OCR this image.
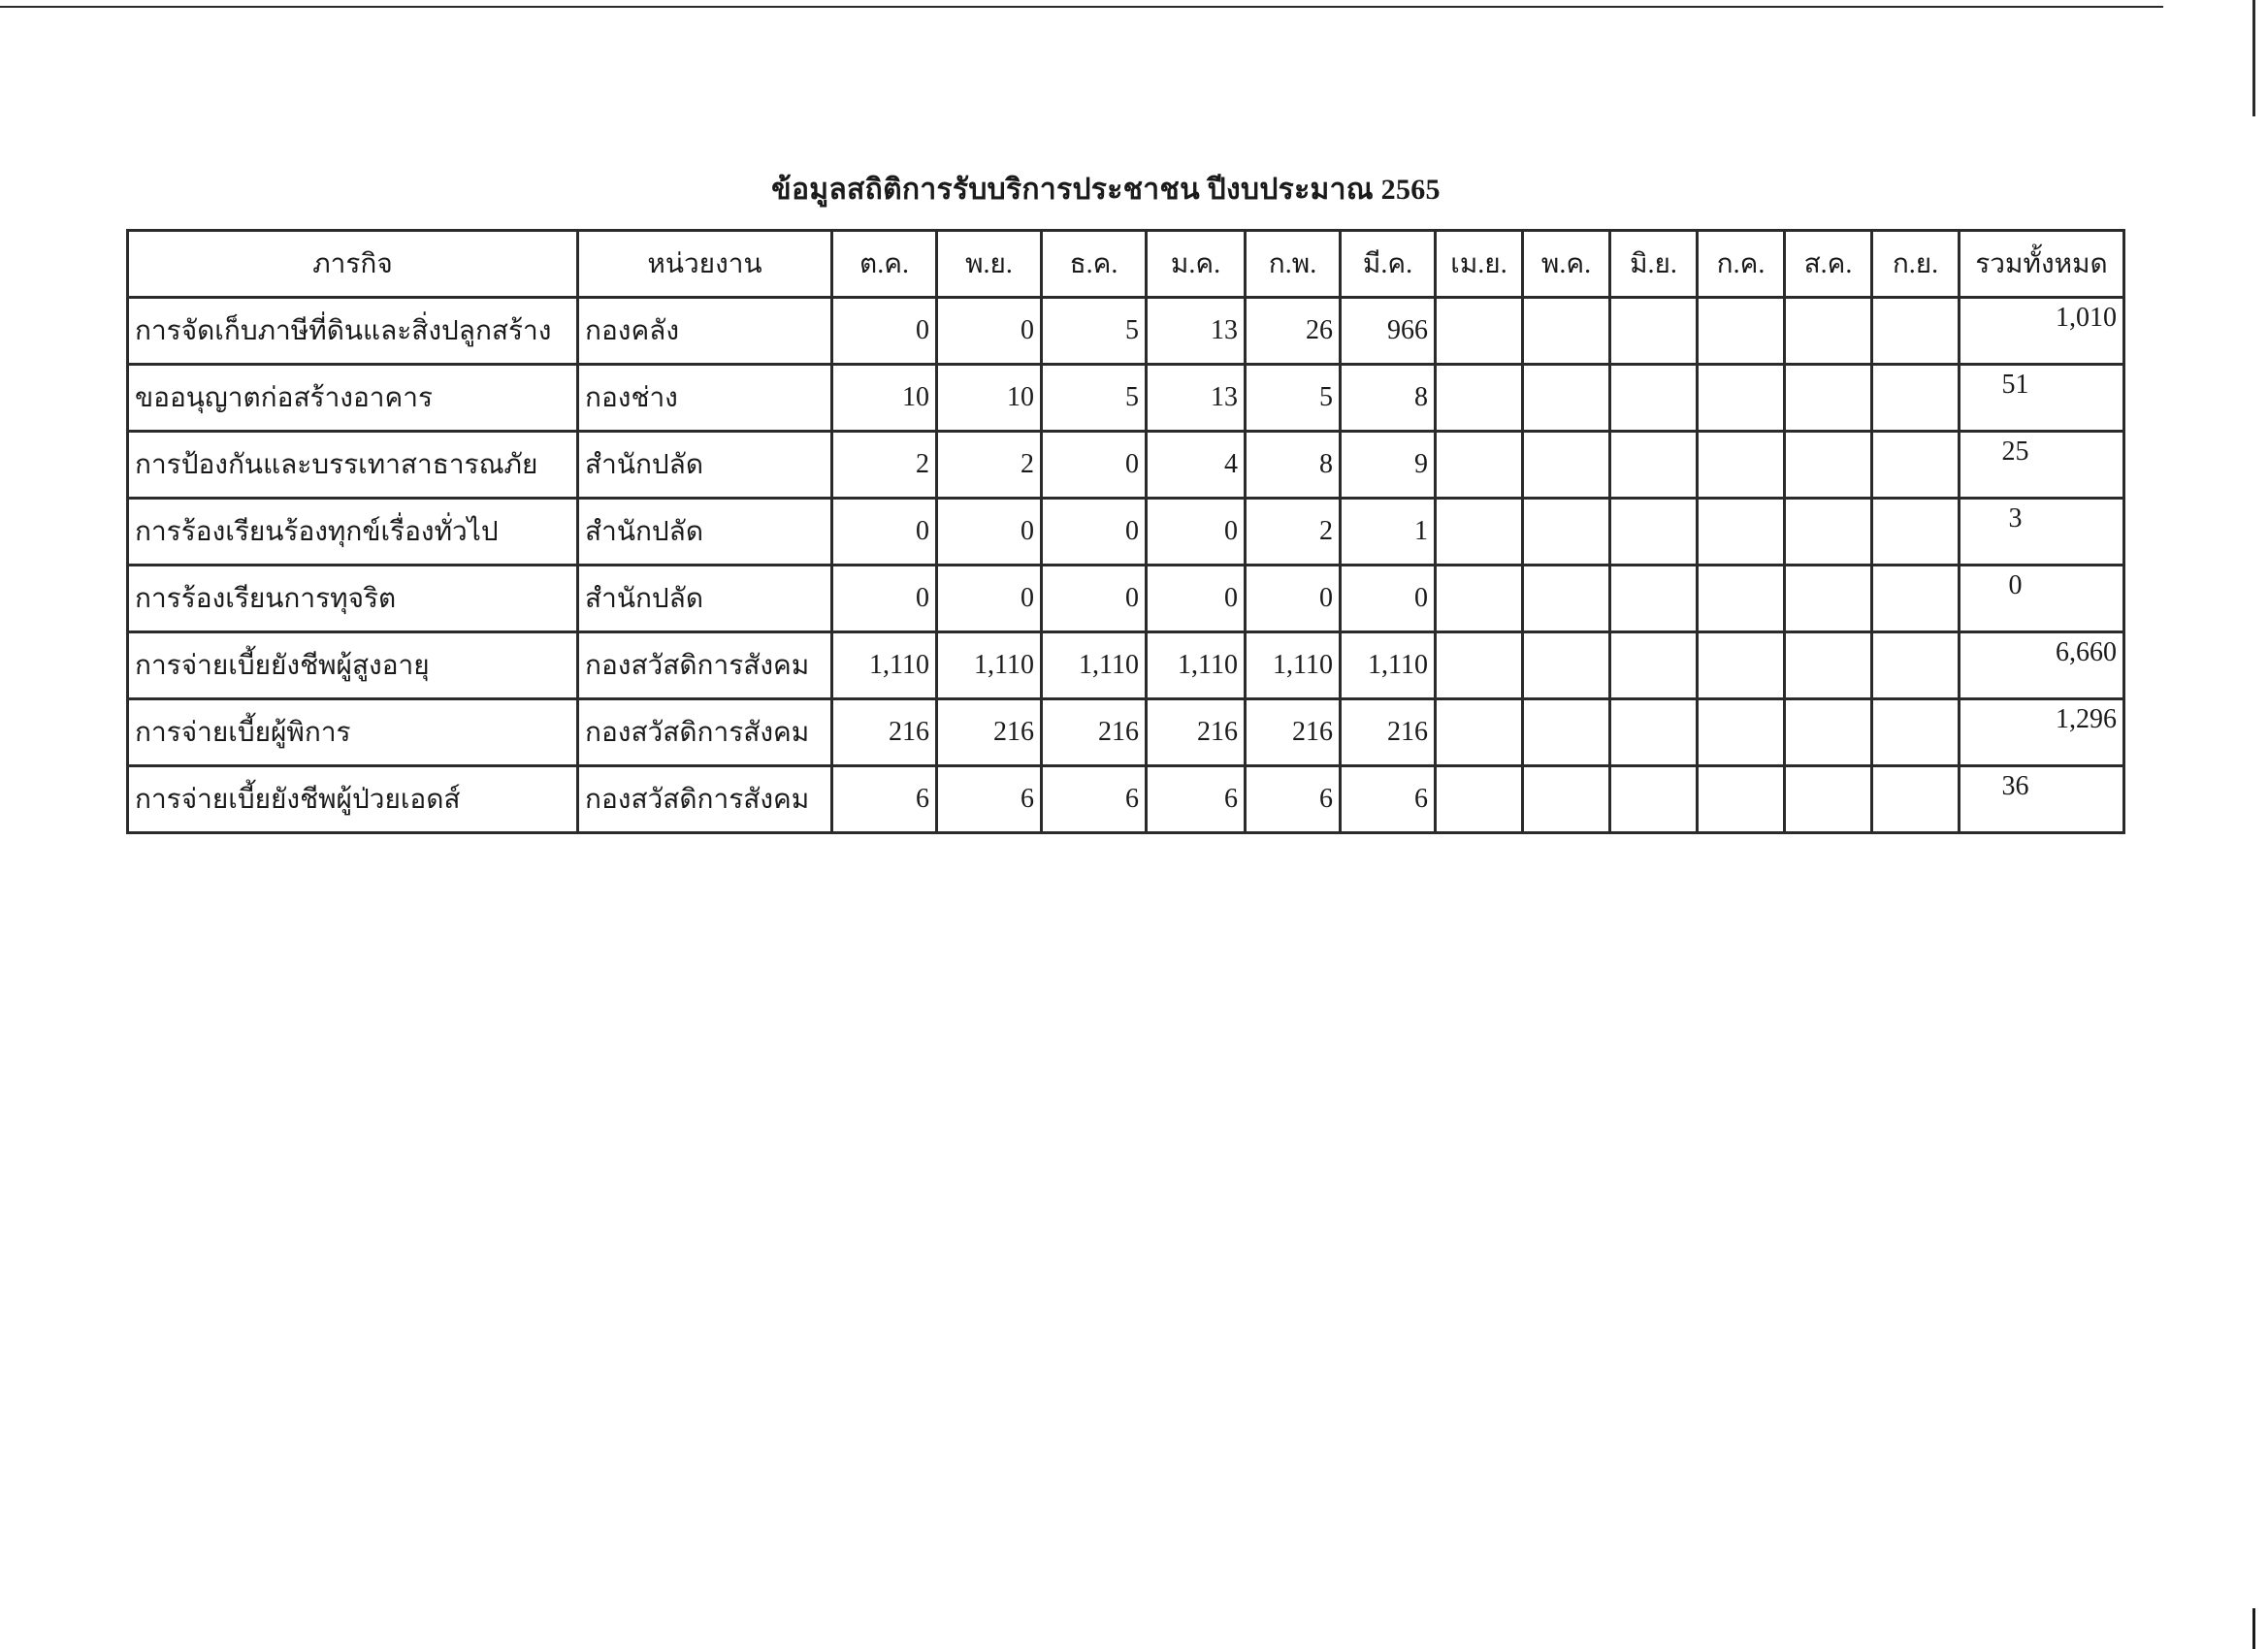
ข้อมูลสถิติการรับบริการประชาชน ปีงบประมาณ 2565
ภารกิจ	หน่วยงาน	ต.ค.	พ.ย.	ธ.ค.	ม.ค.	ก.พ.	มี.ค.	เม.ย.	พ.ค.	มิ.ย.	ก.ค.	ส.ค.	ก.ย.	รวมทั้งหมด
การจัดเก็บภาษีที่ดินและสิ่งปลูกสร้าง	กองคลัง	0	0	5	13	26	966							1,010
ขออนุญาตก่อสร้างอาคาร	กองช่าง	10	10	5	13	5	8							51
การป้องกันและบรรเทาสาธารณภัย	สำนักปลัด	2	2	0	4	8	9							25
การร้องเรียนร้องทุกข์เรื่องทั่วไป	สำนักปลัด	0	0	0	0	2	1							3
การร้องเรียนการทุจริต	สำนักปลัด	0	0	0	0	0	0							0
การจ่ายเบี้ยยังชีพผู้สูงอายุ	กองสวัสดิการสังคม	1,110	1,110	1,110	1,110	1,110	1,110							6,660
การจ่ายเบี้ยผู้พิการ	กองสวัสดิการสังคม	216	216	216	216	216	216							1,296
การจ่ายเบี้ยยังชีพผู้ป่วยเอดส์	กองสวัสดิการสังคม	6	6	6	6	6	6							36
